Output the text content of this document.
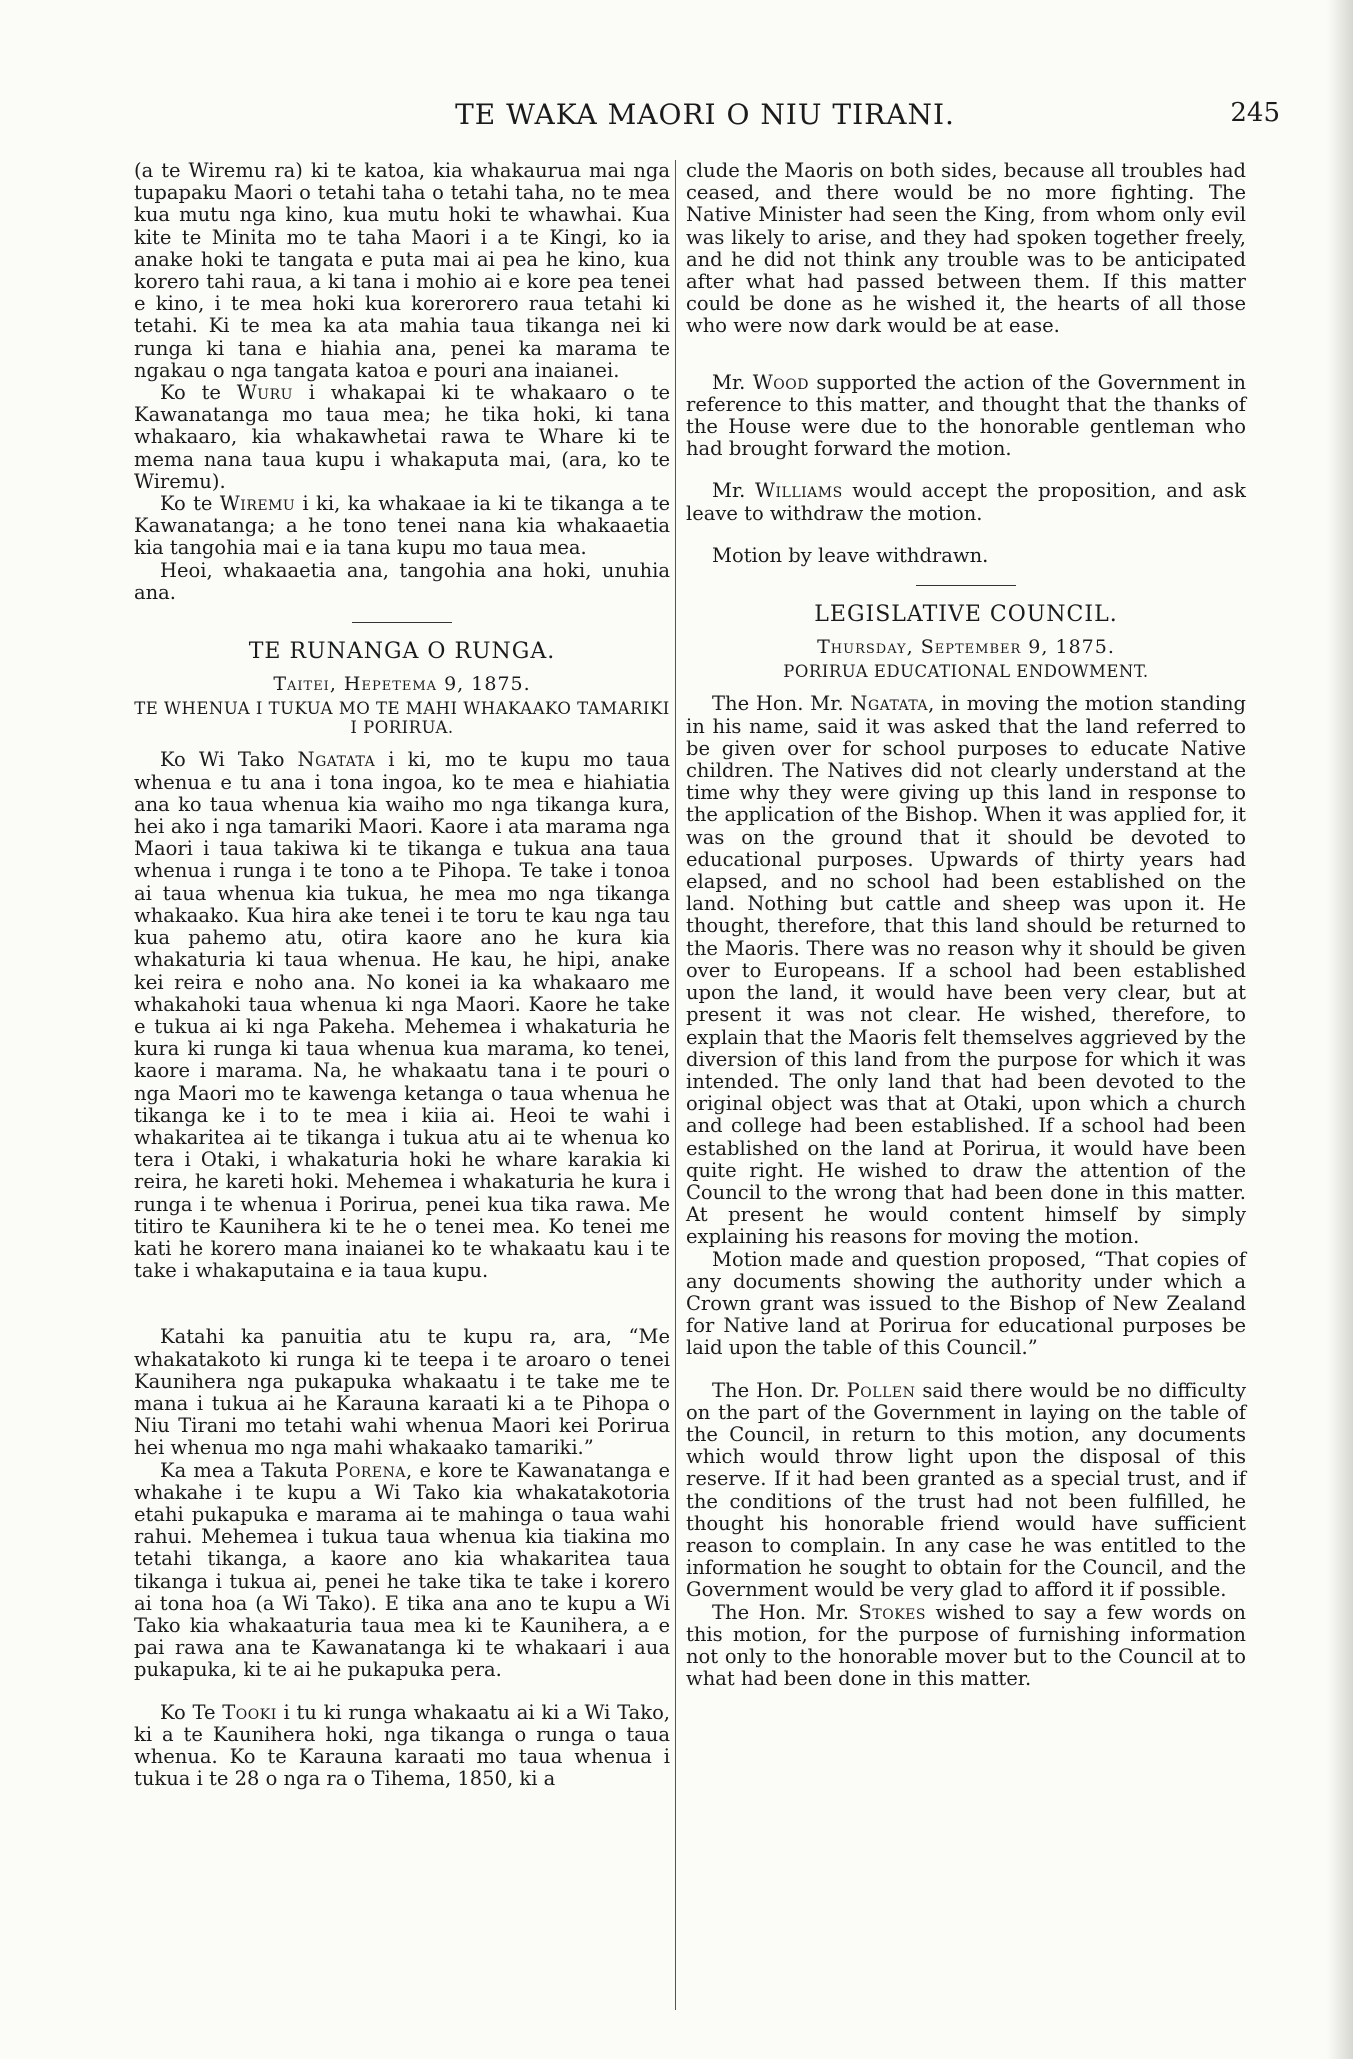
TE WAKA MAORI O NIU TIRANI.	245

(a te Wiremu ra) ki te katoa, kia whakaurua mai nga tupapaku Maori o tetahi taha o tetahi taha, no te mea kua mutu nga kino, kua mutu hoki te whawhai. Kua kite te Minita mo te taha Maori i a te Kingi, ko ia anake hoki te tangata e puta mai ai pea he kino, kua korero tahi raua, a ki tana i mohio ai e kore pea tenei e kino, i te mea hoki kua korerorero raua tetahi ki tetahi. Ki te mea ka ata mahia taua tikanga nei ki runga ki tana e hiahia ana, penei ka marama te ngakau o nga tangata katoa e pouri ana inaianei.

Ko te Wuru i whakapai ki te whakaaro o te Kawanatanga mo taua mea; he tika hoki, ki tana whakaaro, kia whakawhetai rawa te Whare ki te mema nana taua kupu i whakaputa mai, (ara, ko te Wiremu).

Ko te Wiremu i ki, ka whakaae ia ki te tikanga a te Kawanatanga; a he tono tenei nana kia whakaaetia kia tangohia mai e ia tana kupu mo taua mea.

Heoi, whakaaetia ana, tangohia ana hoki, unuhia ana.

TE RUNANGA O RUNGA.
Taitei, Hepetema 9, 1875.
TE WHENUA I TUKUA MO TE MAHI WHAKAAKO TAMARIKI I PORIRUA.

Ko Wi Tako Ngatata i ki, mo te kupu mo taua whenua e tu ana i tona ingoa, ko te mea e hiahiatia ana ko taua whenua kia waiho mo nga tikanga kura, hei ako i nga tamariki Maori. Kaore i ata marama nga Maori i taua takiwa ki te tikanga e tukua ana taua whenua i runga i te tono a te Pihopa. Te take i tonoa ai taua whenua kia tukua, he mea mo nga tikanga whakaako. Kua hira ake tenei i te toru te kau nga tau kua pahemo atu, otira kaore ano he kura kia whakaturia ki taua whenua. He kau, he hipi, anake kei reira e noho ana. No konei ia ka whakaaro me whakahoki taua whenua ki nga Maori. Kaore he take e tukua ai ki nga Pakeha. Mehemea i whakaturia he kura ki runga ki taua whenua kua marama, ko tenei, kaore i marama. Na, he whakaatu tana i te pouri o nga Maori mo te kawenga ketanga o taua whenua he tikanga ke i to te mea i kiia ai. Heoi te wahi i whakaritea ai te tikanga i tukua atu ai te whenua ko tera i Otaki, i whakaturia hoki he whare karakia ki reira, he kareti hoki. Mehemea i whakaturia he kura i runga i te whenua i Porirua, penei kua tika rawa. Me titiro te Kaunihera ki te he o tenei mea. Ko tenei me kati he korero mana inaianei ko te whakaatu kau i te take i whakaputaina e ia taua kupu.

Katahi ka panuitia atu te kupu ra, ara, “Me whakatakoto ki runga ki te teepa i te aroaro o tenei Kaunihera nga pukapuka whakaatu i te take me te mana i tukua ai he Karauna karaati ki a te Pihopa o Niu Tirani mo tetahi wahi whenua Maori kei Porirua hei whenua mo nga mahi whakaako tamariki.”

Ka mea a Takuta Porena, e kore te Kawanatanga e whakahe i te kupu a Wi Tako kia whakatakotoria etahi pukapuka e marama ai te mahinga o taua wahi rahui. Mehemea i tukua taua whenua kia tiakina mo tetahi tikanga, a kaore ano kia whakaritea taua tikanga i tukua ai, penei he take tika te take i korero ai tona hoa (a Wi Tako). E tika ana ano te kupu a Wi Tako kia whakaaturia taua mea ki te Kaunihera, a e pai rawa ana te Kawanatanga ki te whakaari i aua pukapuka, ki te ai he pukapuka pera.

Ko Te Tooki i tu ki runga whakaatu ai ki a Wi Tako, ki a te Kaunihera hoki, nga tikanga o runga o taua whenua. Ko te Karauna karaati mo taua whenua i tukua i te 28 o nga ra o Tihema, 1850, ki a

clude the Maoris on both sides, because all troubles had ceased, and there would be no more fighting. The Native Minister had seen the King, from whom only evil was likely to arise, and they had spoken together freely, and he did not think any trouble was to be anticipated after what had passed between them. If this matter could be done as he wished it, the hearts of all those who were now dark would be at ease.

Mr. Wood supported the action of the Government in reference to this matter, and thought that the thanks of the House were due to the honorable gentleman who had brought forward the motion.

Mr. Williams would accept the proposition, and ask leave to withdraw the motion.

Motion by leave withdrawn.

LEGISLATIVE COUNCIL.
Thursday, September 9, 1875.
PORIRUA EDUCATIONAL ENDOWMENT.

The Hon. Mr. Ngatata, in moving the motion standing in his name, said it was asked that the land referred to be given over for school purposes to educate Native children. The Natives did not clearly understand at the time why they were giving up this land in response to the application of the Bishop. When it was applied for, it was on the ground that it should be devoted to educational purposes. Upwards of thirty years had elapsed, and no school had been established on the land. Nothing but cattle and sheep was upon it. He thought, therefore, that this land should be returned to the Maoris. There was no reason why it should be given over to Europeans. If a school had been established upon the land, it would have been very clear, but at present it was not clear. He wished, therefore, to explain that the Maoris felt themselves aggrieved by the diversion of this land from the purpose for which it was intended. The only land that had been devoted to the original object was that at Otaki, upon which a church and college had been established. If a school had been established on the land at Porirua, it would have been quite right. He wished to draw the attention of the Council to the wrong that had been done in this matter. At present he would content himself by simply explaining his reasons for moving the motion.

Motion made and question proposed, “That copies of any documents showing the authority under which a Crown grant was issued to the Bishop of New Zealand for Native land at Porirua for educational purposes be laid upon the table of this Council.”

The Hon. Dr. Pollen said there would be no difficulty on the part of the Government in laying on the table of the Council, in return to this motion, any documents which would throw light upon the disposal of this reserve. If it had been granted as a special trust, and if the conditions of the trust had not been fulfilled, he thought his honorable friend would have sufficient reason to complain. In any case he was entitled to the information he sought to obtain for the Council, and the Government would be very glad to afford it if possible.

The Hon. Mr. Stokes wished to say a few words on this motion, for the purpose of furnishing information not only to the honorable mover but to the Council at to what had been done in this matter.
